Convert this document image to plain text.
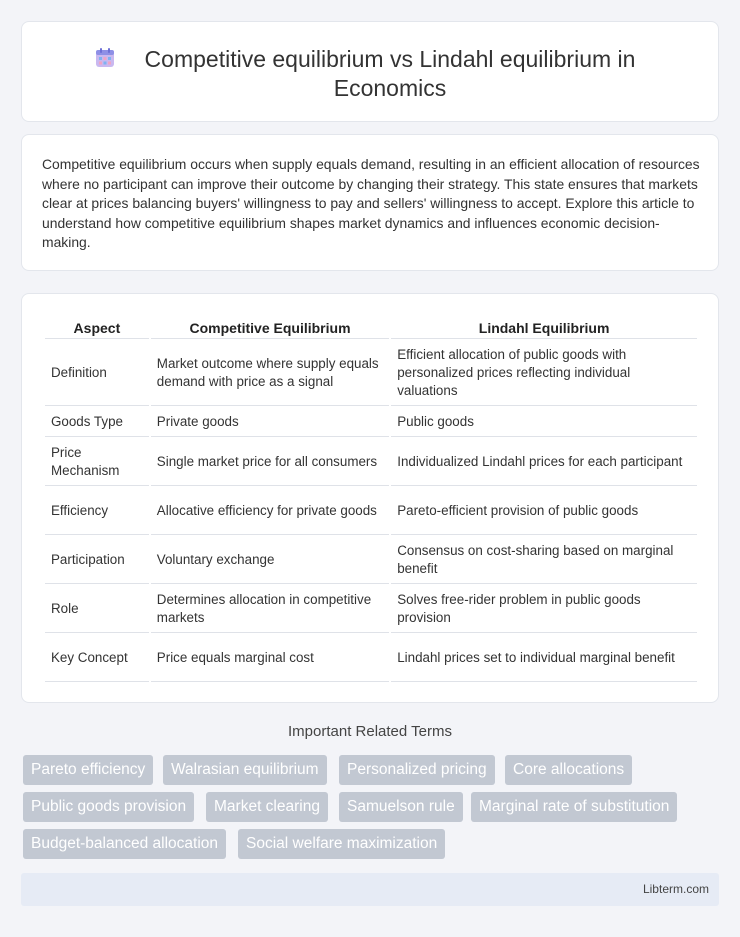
Competitive equilibrium vs Lindahl equilibrium in Economics

Competitive equilibrium occurs when supply equals demand, resulting in an efficient allocation of resources where no participant can improve their outcome by changing their strategy. This state ensures that markets clear at prices balancing buyers' willingness to pay and sellers' willingness to accept. Explore this article to understand how competitive equilibrium shapes market dynamics and influences economic decision-making.

Aspect	Competitive Equilibrium	Lindahl Equilibrium
Definition	Market outcome where supply equals demand with price as a signal	Efficient allocation of public goods with personalized prices reflecting individual valuations
Goods Type	Private goods	Public goods
Price Mechanism	Single market price for all consumers	Individualized Lindahl prices for each participant
Efficiency	Allocative efficiency for private goods	Pareto-efficient provision of public goods
Participation	Voluntary exchange	Consensus on cost-sharing based on marginal benefit
Role	Determines allocation in competitive markets	Solves free-rider problem in public goods provision
Key Concept	Price equals marginal cost	Lindahl prices set to individual marginal benefit
Important Related Terms
Pareto efficiency	Walrasian equilibrium	Personalized pricing	Core allocations
Public goods provision	Market clearing	Samuelson rule	Marginal rate of substitution
Budget-balanced allocation	Social welfare maximization
Libterm.com
